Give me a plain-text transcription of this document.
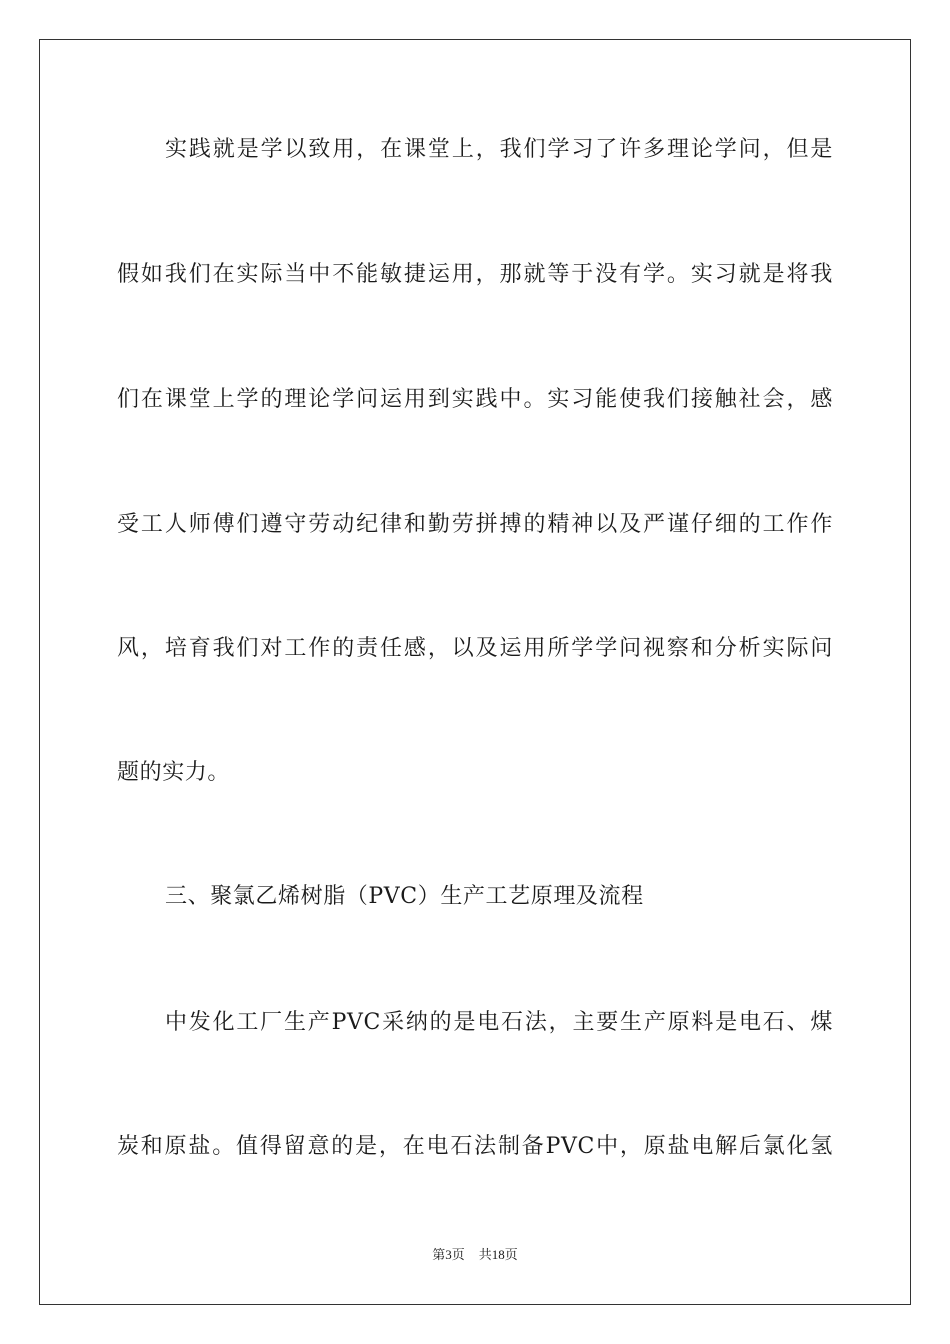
实践就是学以致用，在课堂上，我们学习了许多理论学问，但是
假如我们在实际当中不能敏捷运用，那就等于没有学。实习就是将我
们在课堂上学的理论学问运用到实践中。实习能使我们接触社会，感
受工人师傅们遵守劳动纪律和勤劳拼搏的精神以及严谨仔细的工作作
风，培育我们对工作的责任感，以及运用所学学问视察和分析实际问
题的实力。
三、聚氯乙烯树脂（PVC）生产工艺原理及流程
中发化工厂生产PVC采纳的是电石法，主要生产原料是电石、煤
炭和原盐。值得留意的是，在电石法制备PVC中，原盐电解后氯化氢
第3页 共18页
